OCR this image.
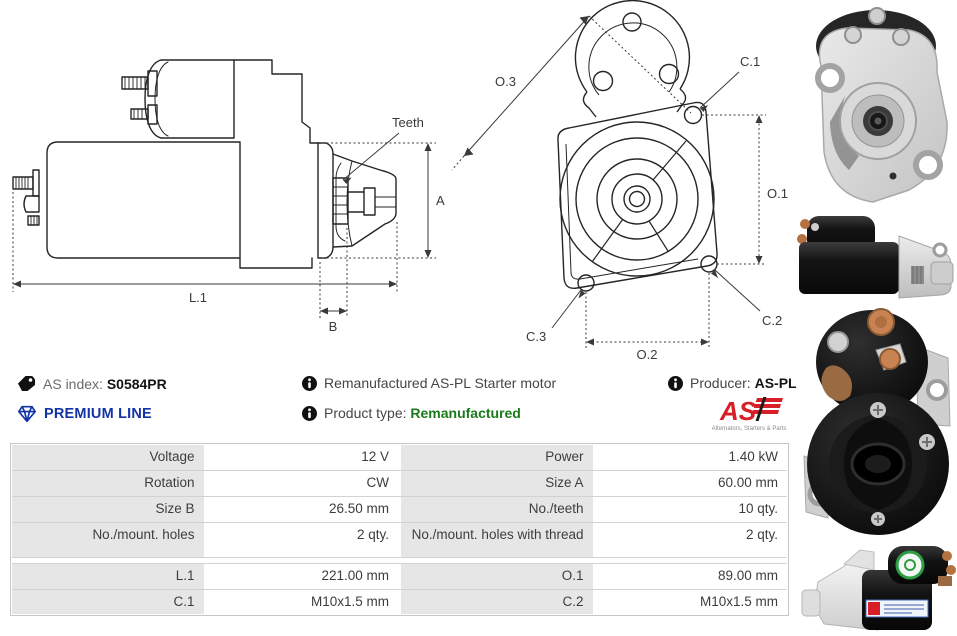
Teeth
A
L.1
B
O.3
C.1
O.1
C.2
C.3
O.2
AS index: S0584PR
PREMIUM LINE
Remanufactured AS-PL Starter motor
Product type: Remanufactured
Producer: AS-PL
AS
Alternators, Starters & Parts
Voltage	12 V	Power	1.40 kW
Rotation	CW	Size A	60.00 mm
Size B	26.50 mm	No./teeth	10 qty.
No./mount. holes	2 qty.	No./mount. holes with thread	2 qty.
L.1	221.00 mm	O.1	89.00 mm
C.1	M10x1.5 mm	C.2	M10x1.5 mm
